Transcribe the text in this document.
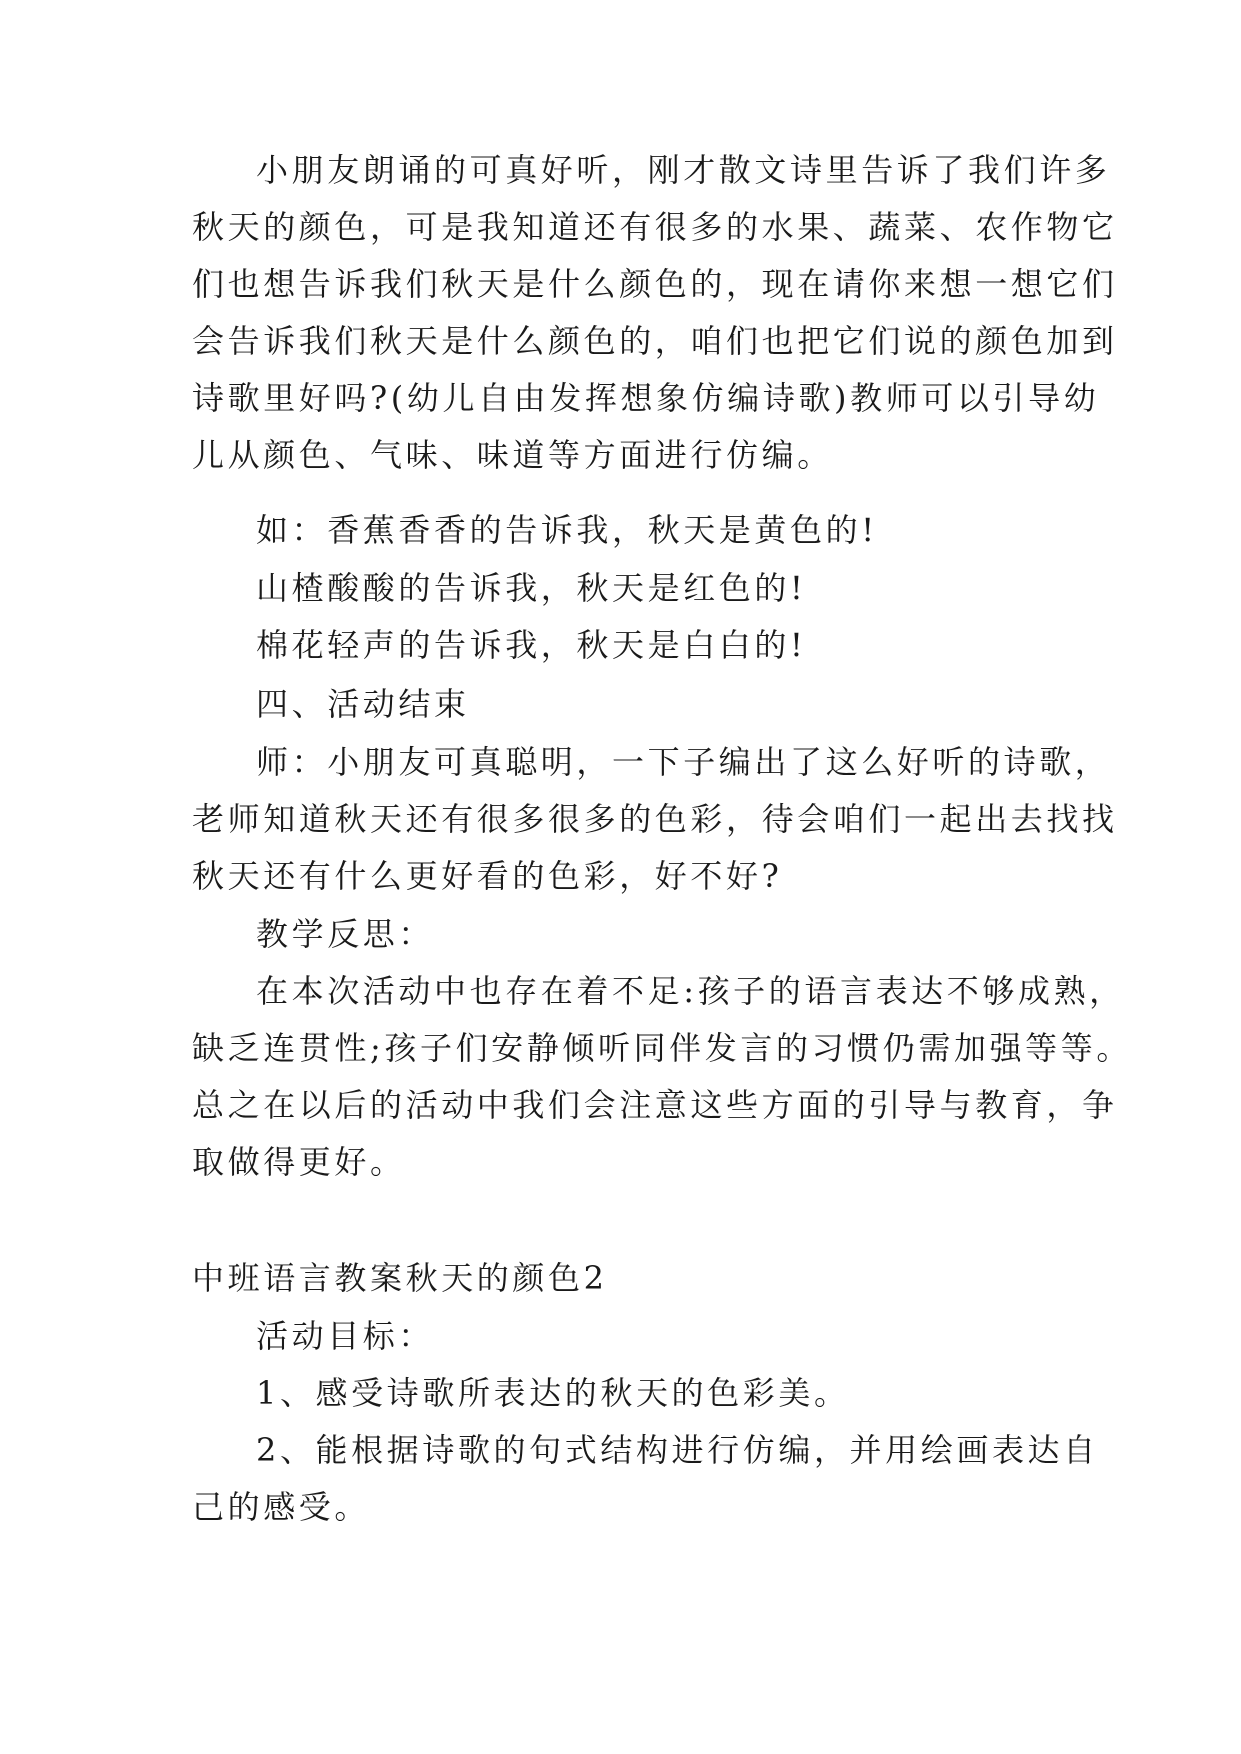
小朋友朗诵的可真好听，刚才散文诗里告诉了我们许多

秋天的颜色，可是我知道还有很多的水果、蔬菜、农作物它

们也想告诉我们秋天是什么颜色的，现在请你来想一想它们

会告诉我们秋天是什么颜色的，咱们也把它们说的颜色加到

诗歌里好吗?(幼儿自由发挥想象仿编诗歌)教师可以引导幼

儿从颜色、气味、味道等方面进行仿编。

如：香蕉香香的告诉我，秋天是黄色的!

山楂酸酸的告诉我，秋天是红色的!

棉花轻声的告诉我，秋天是白白的!

四、活动结束

师：小朋友可真聪明，一下子编出了这么好听的诗歌，

老师知道秋天还有很多很多的色彩，待会咱们一起出去找找

秋天还有什么更好看的色彩，好不好?

教学反思：

在本次活动中也存在着不足:孩子的语言表达不够成熟，

缺乏连贯性;孩子们安静倾听同伴发言的习惯仍需加强等等。

总之在以后的活动中我们会注意这些方面的引导与教育，争

取做得更好。

中班语言教案秋天的颜色2

活动目标：

1、感受诗歌所表达的秋天的色彩美。

2、能根据诗歌的句式结构进行仿编，并用绘画表达自

己的感受。
